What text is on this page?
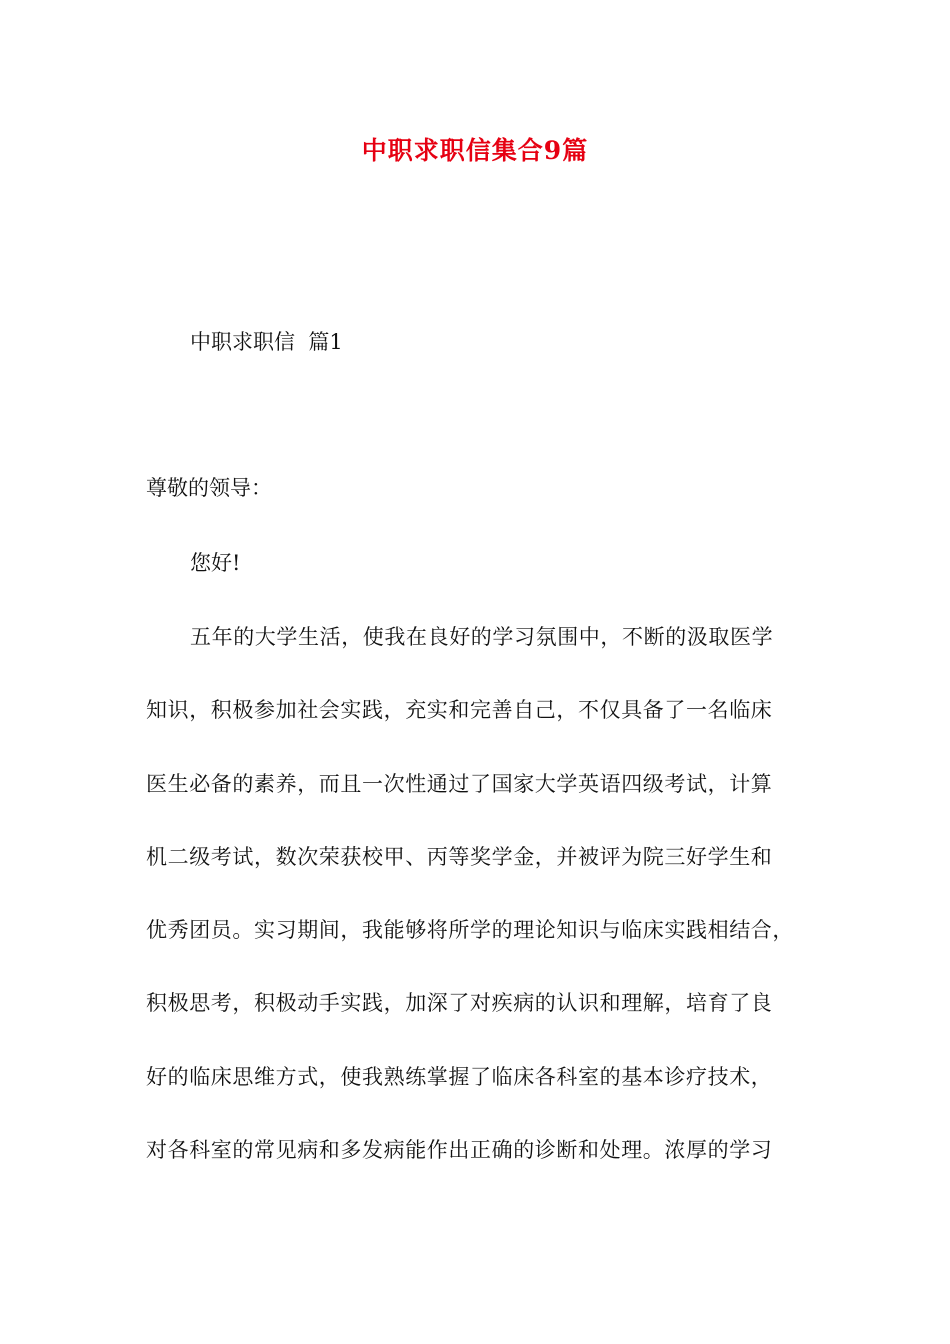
中职求职信集合9篇
中职求职信  篇1
尊敬的领导：
您好!
五年的大学生活，使我在良好的学习氛围中，不断的汲取医学
知识，积极参加社会实践，充实和完善自己，不仅具备了一名临床
医生必备的素养，而且一次性通过了国家大学英语四级考试，计算
机二级考试，数次荣获校甲、丙等奖学金，并被评为院三好学生和
优秀团员。实习期间，我能够将所学的理论知识与临床实践相结合，
积极思考，积极动手实践，加深了对疾病的认识和理解，培育了良
好的临床思维方式，使我熟练掌握了临床各科室的基本诊疗技术，
对各科室的常见病和多发病能作出正确的诊断和处理。浓厚的学习
